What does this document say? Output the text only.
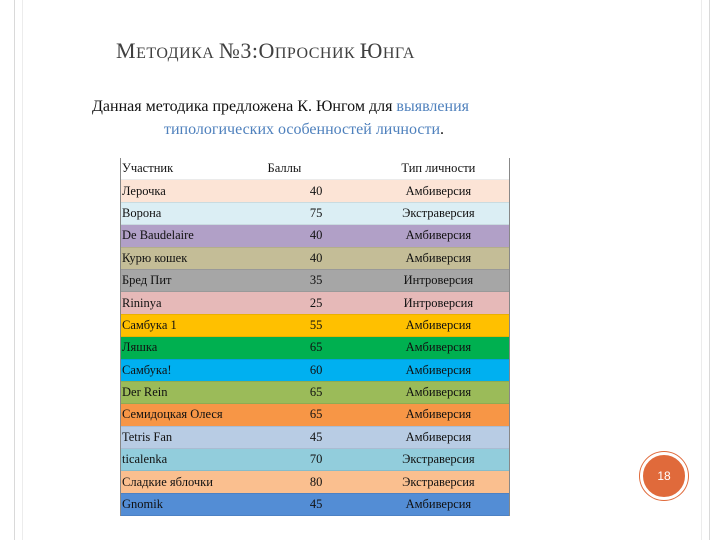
МЕТОДИКА №3:ОПРОСНИК ЮНГА
Данная методика предложена К. Юнгом для выявления
типологических особенностей личности.
Участник	Баллы	Тип личности
Лерочка	40	Амбиверсия
Ворона	75	Экстраверсия
De Baudelaire	40	Амбиверсия
Курю кошек	40	Амбиверсия
Бред Пит	35	Интроверсия
Rininya	25	Интроверсия
Самбука 1	55	Амбиверсия
Ляшка	65	Амбиверсия
Самбука!	60	Амбиверсия
Der Rein	65	Амбиверсия
Семидоцкая Олеся	65	Амбиверсия
Tetris Fan	45	Амбиверсия
ticalenka	70	Экстраверсия
Сладкие яблочки	80	Экстраверсия
Gnomik	45	Амбиверсия
18
